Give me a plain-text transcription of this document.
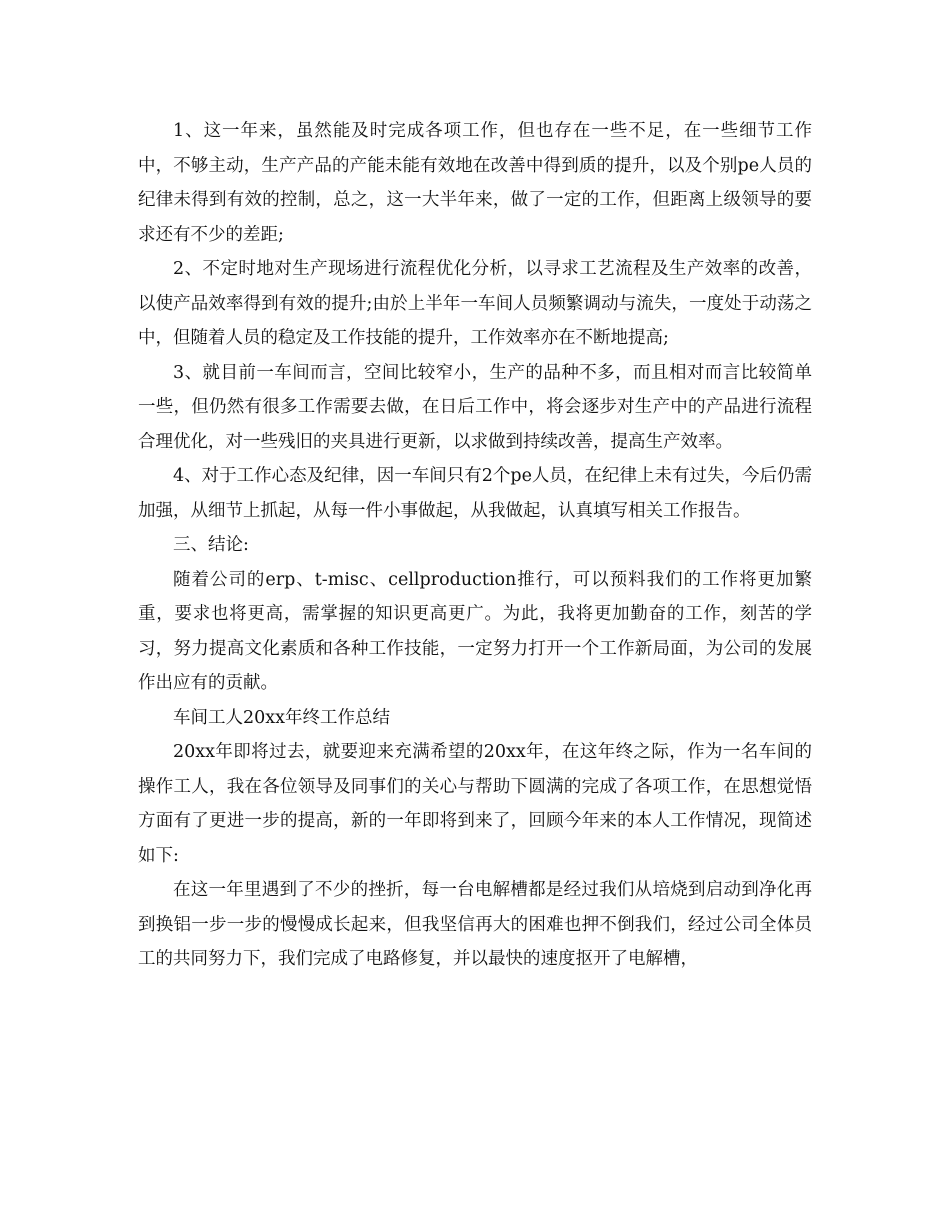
1、这一年来，虽然能及时完成各项工作，但也存在一些不足，在一些细节工作中，不够主动，生产产品的产能未能有效地在改善中得到质的提升，以及个别pe人员的纪律未得到有效的控制，总之，这一大半年来，做了一定的工作，但距离上级领导的要求还有不少的差距;

2、不定时地对生产现场进行流程优化分析，以寻求工艺流程及生产效率的改善，以使产品效率得到有效的提升;由於上半年一车间人员频繁调动与流失，一度处于动荡之中，但随着人员的稳定及工作技能的提升，工作效率亦在不断地提高;

3、就目前一车间而言，空间比较窄小，生产的品种不多，而且相对而言比较简单一些，但仍然有很多工作需要去做，在日后工作中，将会逐步对生产中的产品进行流程合理优化，对一些残旧的夹具进行更新，以求做到持续改善，提高生产效率。

4、对于工作心态及纪律，因一车间只有2个pe人员，在纪律上未有过失，今后仍需加强，从细节上抓起，从每一件小事做起，从我做起，认真填写相关工作报告。

三、结论:

随着公司的erp、t-misc、cellproduction推行，可以预料我们的工作将更加繁重，要求也将更高，需掌握的知识更高更广。为此，我将更加勤奋的工作，刻苦的学习，努力提高文化素质和各种工作技能，一定努力打开一个工作新局面，为公司的发展作出应有的贡献。

车间工人20xx年终工作总结

20xx年即将过去，就要迎来充满希望的20xx年，在这年终之际，作为一名车间的操作工人，我在各位领导及同事们的关心与帮助下圆满的完成了各项工作，在思想觉悟方面有了更进一步的提高，新的一年即将到来了，回顾今年来的本人工作情况，现简述如下:

在这一年里遇到了不少的挫折，每一台电解槽都是经过我们从培烧到启动到净化再到换铝一步一步的慢慢成长起来，但我坚信再大的困难也押不倒我们，经过公司全体员工的共同努力下，我们完成了电路修复，并以最快的速度抠开了电解槽，
